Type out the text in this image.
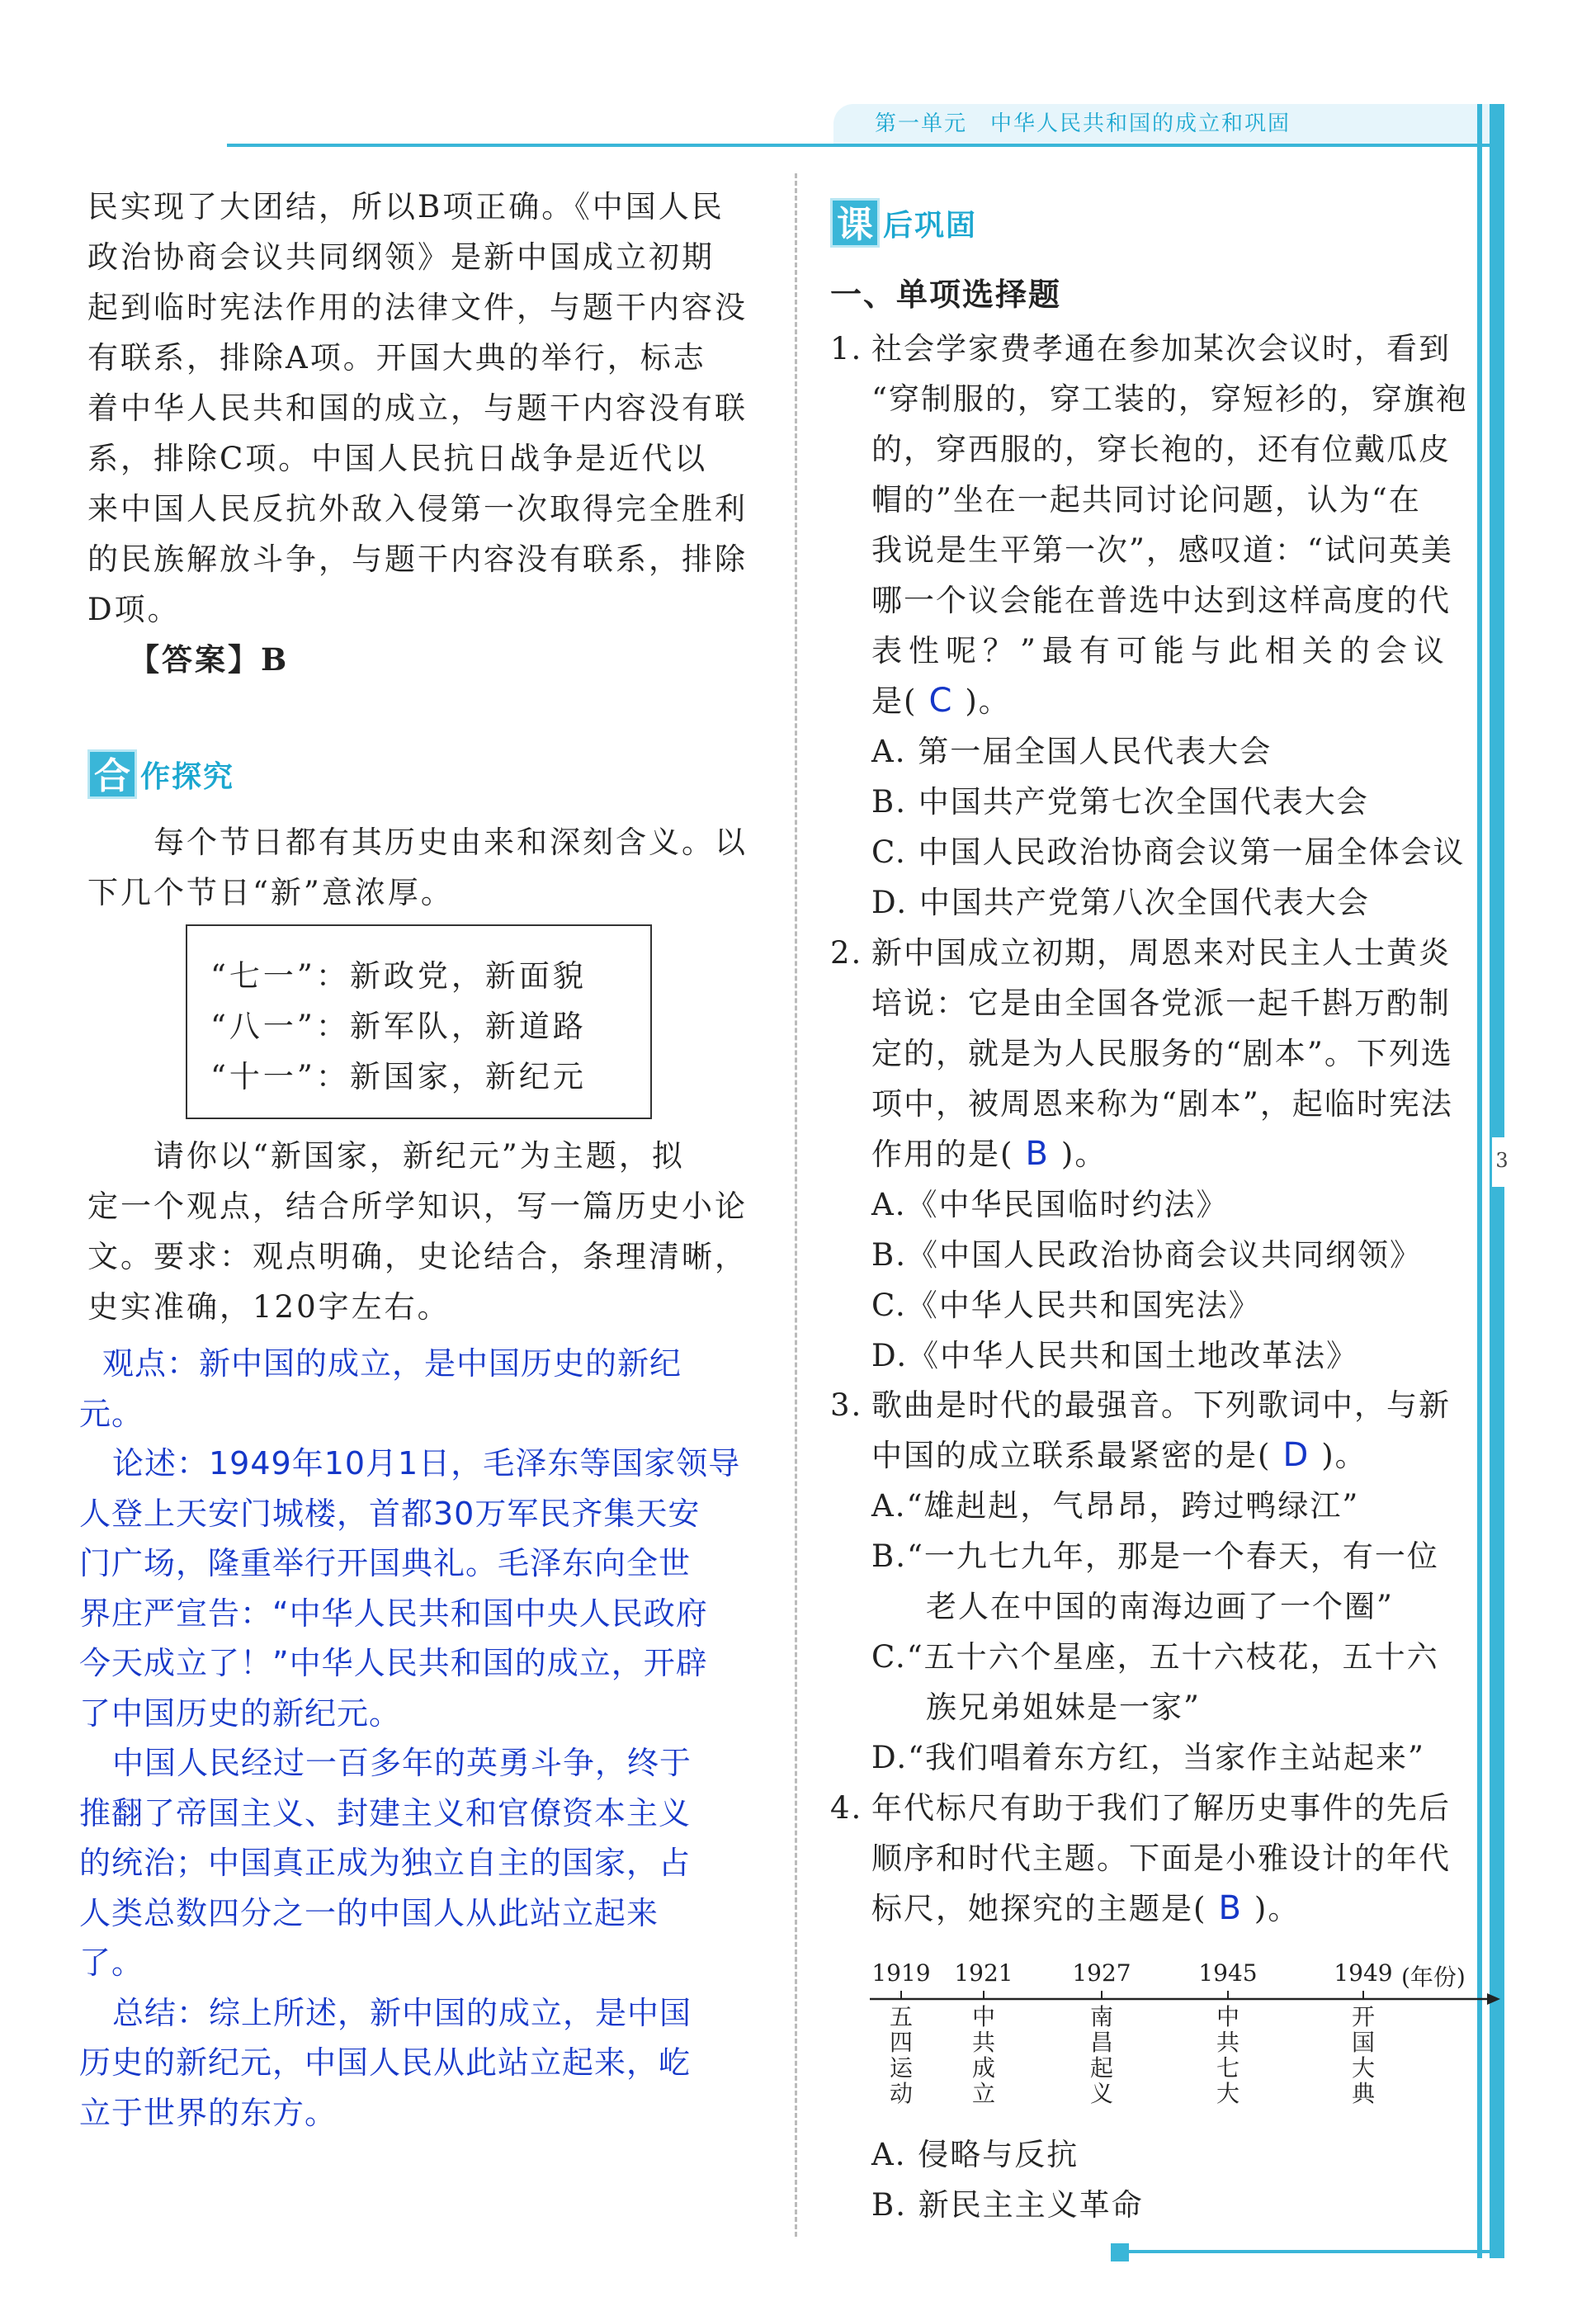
第一单元　中华人民共和国的成立和巩固
3
民实现了大团结，所以B项正确。《中国人民
政治协商会议共同纲领》是新中国成立初期
起到临时宪法作用的法律文件，与题干内容没
有联系，排除A项。开国大典的举行，标志
着中华人民共和国的成立，与题干内容没有联
系，排除C项。中国人民抗日战争是近代以
来中国人民反抗外敌入侵第一次取得完全胜利
的民族解放斗争，与题干内容没有联系，排除
D项。
【答案】B
合 作探究
每个节日都有其历史由来和深刻含义。以
下几个节日“新”意浓厚。
“七一”：新政党，新面貌
“八一”：新军队，新道路
“十一”：新国家，新纪元
请你以“新国家，新纪元”为主题，拟
定一个观点，结合所学知识，写一篇历史小论
文。要求：观点明确，史论结合，条理清晰，
史实准确，120字左右。
观点：新中国的成立，是中国历史的新纪
元。
论述：1949年10月1日，毛泽东等国家领导
人登上天安门城楼，首都30万军民齐集天安
门广场，隆重举行开国典礼。毛泽东向全世
界庄严宣告：“中华人民共和国中央人民政府
今天成立了！”中华人民共和国的成立，开辟
了中国历史的新纪元。
中国人民经过一百多年的英勇斗争，终于
推翻了帝国主义、封建主义和官僚资本主义
的统治；中国真正成为独立自主的国家，占
人类总数四分之一的中国人从此站立起来
了。
总结：综上所述，新中国的成立，是中国
历史的新纪元，中国人民从此站立起来，屹
立于世界的东方。
课 后巩固
一、单项选择题
1. 社会学家费孝通在参加某次会议时，看到
“穿制服的，穿工装的，穿短衫的，穿旗袍
的，穿西服的，穿长袍的，还有位戴瓜皮
帽的”坐在一起共同讨论问题，认为“在
我说是生平第一次”，感叹道：“试问英美
哪一个议会能在普选中达到这样高度的代
表性呢？”最有可能与此相关的会议
是( C )。
A. 第一届全国人民代表大会
B. 中国共产党第七次全国代表大会
C. 中国人民政治协商会议第一届全体会议
D. 中国共产党第八次全国代表大会
2. 新中国成立初期，周恩来对民主人士黄炎
培说：它是由全国各党派一起千斟万酌制
定的，就是为人民服务的“剧本”。下列选
项中，被周恩来称为“剧本”，起临时宪法
作用的是( B )。
A.《中华民国临时约法》
B.《中国人民政治协商会议共同纲领》
C.《中华人民共和国宪法》
D.《中华人民共和国土地改革法》
3. 歌曲是时代的最强音。下列歌词中，与新
中国的成立联系最紧密的是( D )。
A.“雄赳赳，气昂昂，跨过鸭绿江”
B.“一九七九年，那是一个春天，有一位
老人在中国的南海边画了一个圈”
C.“五十六个星座，五十六枝花，五十六
族兄弟姐妹是一家”
D.“我们唱着东方红，当家作主站起来”
4. 年代标尺有助于我们了解历史事件的先后
顺序和时代主题。下面是小雅设计的年代
标尺，她探究的主题是( B )。
(年份)
1919	1921	1927	1945	1949
五四运动
中共成立
南昌起义
中共七大
开国大典
A. 侵略与反抗
B. 新民主主义革命
